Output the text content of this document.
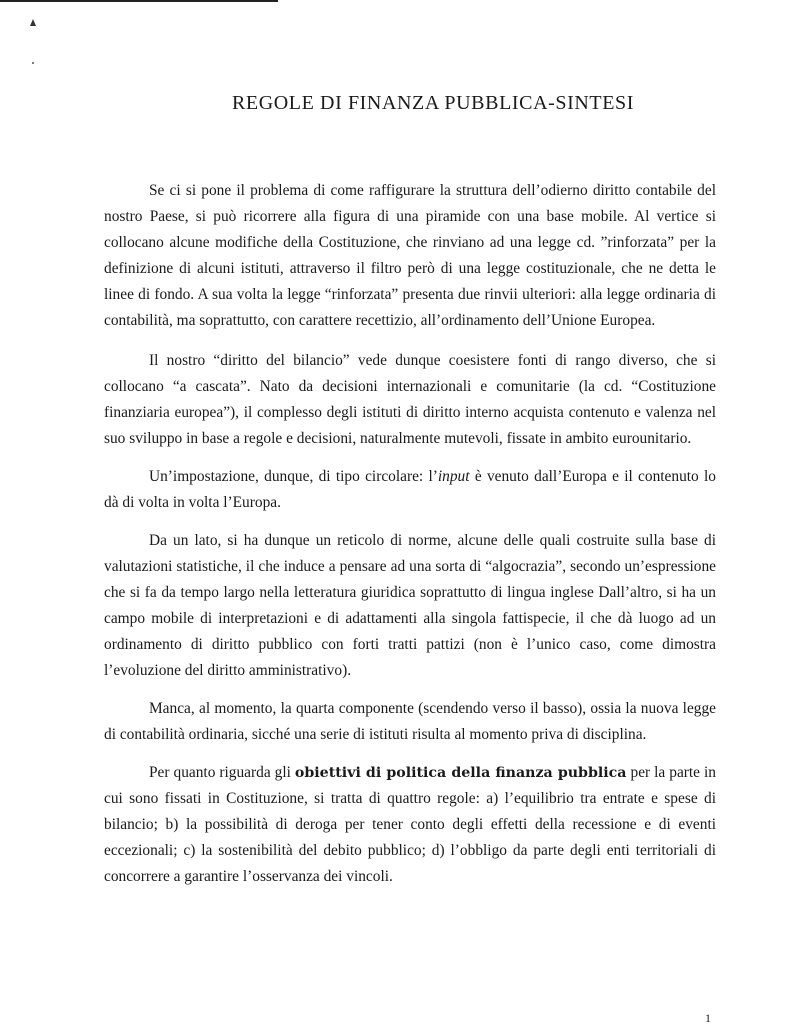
REGOLE DI FINANZA PUBBLICA-SINTESI

Se ci si pone il problema di come raffigurare la struttura dell’odierno diritto contabile del nostro Paese, si può ricorrere alla figura di una piramide con una base mobile. Al vertice si collocano alcune modifiche della Costituzione, che rinviano ad una legge cd. ”rinforzata” per la definizione di alcuni istituti, attraverso il filtro però di una legge costituzionale, che ne detta le linee di fondo. A sua volta la legge “rinforzata” presenta due rinvii ulteriori: alla legge ordinaria di contabilità, ma soprattutto, con carattere recettizio, all’ordinamento dell’Unione Europea.

Il nostro “diritto del bilancio” vede dunque coesistere fonti di rango diverso, che si collocano “a cascata”. Nato da decisioni internazionali e comunitarie (la cd. “Costituzione finanziaria europea”), il complesso degli istituti di diritto interno acquista contenuto e valenza nel suo sviluppo in base a regole e decisioni, naturalmente mutevoli, fissate in ambito eurounitario.

Un’impostazione, dunque, di tipo circolare: l’input è venuto dall’Europa e il contenuto lo dà di volta in volta l’Europa.

Da un lato, si ha dunque un reticolo di norme, alcune delle quali costruite sulla base di valutazioni statistiche, il che induce a pensare ad una sorta di “algocrazia”, secondo un’espressione che si fa da tempo largo nella letteratura giuridica soprattutto di lingua inglese Dall’altro, si ha un campo mobile di interpretazioni e di adattamenti alla singola fattispecie, il che dà luogo ad un ordinamento di diritto pubblico con forti tratti pattizi (non è l’unico caso, come dimostra l’evoluzione del diritto amministrativo).

Manca, al momento, la quarta componente (scendendo verso il basso), ossia la nuova legge di contabilità ordinaria, sicché una serie di istituti risulta al momento priva di disciplina.

Per quanto riguarda gli obiettivi di politica della finanza pubblica per la parte in cui sono fissati in Costituzione, si tratta di quattro regole: a) l’equilibrio tra entrate e spese di bilancio; b) la possibilità di deroga per tener conto degli effetti della recessione e di eventi eccezionali; c) la sostenibilità del debito pubblico; d) l’obbligo da parte degli enti territoriali di concorrere a garantire l’osservanza dei vincoli.

1
